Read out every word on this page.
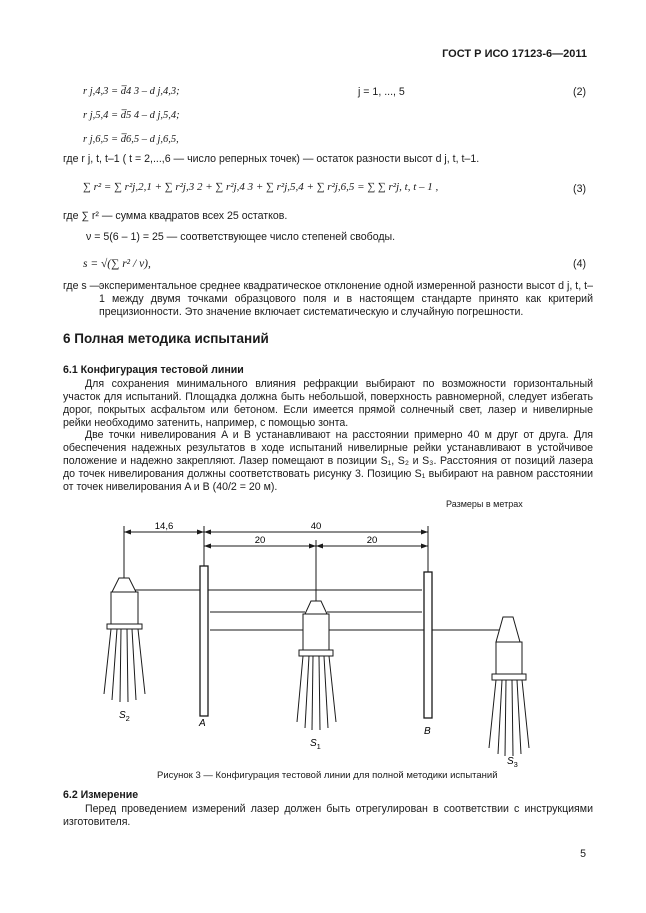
ГОСТ Р ИСО 17123-6—2011
r j,4,3 = d̅4 3 – d j,4,3;	j = 1, ..., 5	(2)
r j,5,4 = d̅5 4 – d j,5,4;
r j,6,5 = d̅6,5 – d j,6,5,
где r j, t, t–1 ( t = 2,...,6 — число реперных точек) — остаток разности высот d j, t, t–1.
∑ r² = ∑ r²j,2,1 + ∑ r²j,3 2 + ∑ r²j,4 3 + ∑ r²j,5,4 + ∑ r²j,6,5 = ∑ ∑ r²j, t, t – 1 ,	(3)
где ∑ r² — сумма квадратов всех 25 остатков.
ν = 5(6 – 1) = 25 — соответствующее число степеней свободы.
s = √(∑ r² / ν),	(4)
где s —
экспериментальное среднее квадратическое отклонение одной измеренной разности высот d j, t, t–1 между двумя точками образцового поля и в настоящем стандарте принято как критерий прецизионности. Это значение включает систематическую и случайную погрешности.
6 Полная методика испытаний
6.1 Конфигурация тестовой линии
Для сохранения минимального влияния рефракции выбирают по возможности горизонтальный участок для испытаний. Площадка должна быть небольшой, поверхность равномерной, следует избегать дорог, покрытых асфальтом или бетоном. Если имеется прямой солнечный свет, лазер и нивелирные рейки необходимо затенить, например, с помощью зонта.
Две точки нивелирования A и B устанавливают на расстоянии примерно 40 м друг от друга. Для обеспечения надежных результатов в ходе испытаний нивелирные рейки устанавливают в устойчивое положение и надежно закрепляют. Лазер помещают в позиции S₁, S₂ и S₃. Расстояния от позиций лазера до точек нивелирования должны соответствовать рисунку 3. Позицию S₁ выбирают на равном расстоянии от точек нивелирования A и B (40/2 = 20 м).
Размеры в метрах
14,6	40
20	20
$S_2$	A
$S_1$
B
$S_3$
Рисунок 3 — Конфигурация тестовой линии для полной методики испытаний
6.2 Измерение
Перед проведением измерений лазер должен быть отрегулирован в соответствии с инструкциями изготовителя.
5
